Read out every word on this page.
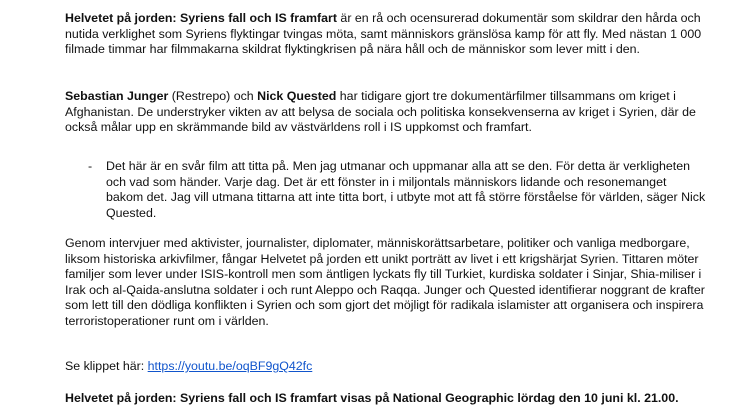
Helvetet på jorden: Syriens fall och IS framfart är en rå och ocensurerad dokumentär som skildrar den hårda och nutida verklighet som Syriens flyktingar tvingas möta, samt människors gränslösa kamp för att fly. Med nästan 1 000 filmade timmar har filmmakarna skildrat flyktingkrisen på nära håll och de människor som lever mitt i den.

Sebastian Junger (Restrepo) och Nick Quested har tidigare gjort tre dokumentärfilmer tillsammans om kriget i Afghanistan. De understryker vikten av att belysa de sociala och politiska konsekvenserna av kriget i Syrien, där de också målar upp en skrämmande bild av västvärldens roll i IS uppkomst och framfart.

- Det här är en svår film att titta på. Men jag utmanar och uppmanar alla att se den. För detta är verkligheten och vad som händer. Varje dag. Det är ett fönster in i miljontals människors lidande och resonemanget bakom det. Jag vill utmana tittarna att inte titta bort, i utbyte mot att få större förståelse för världen, säger Nick Quested.

Genom intervjuer med aktivister, journalister, diplomater, människorättsarbetare, politiker och vanliga medborgare, liksom historiska arkivfilmer, fångar Helvetet på jorden ett unikt porträtt av livet i ett krigshärjat Syrien. Tittaren möter familjer som lever under ISIS-kontroll men som äntligen lyckats fly till Turkiet, kurdiska soldater i Sinjar, Shia-miliser i Irak och al-Qaida-anslutna soldater i och runt Aleppo och Raqqa. Junger och Quested identifierar noggrant de krafter som lett till den dödliga konflikten i Syrien och som gjort det möjligt för radikala islamister att organisera och inspirera terroristoperationer runt om i världen.

Se klippet här: https://youtu.be/oqBF9gQ42fc

Helvetet på jorden: Syriens fall och IS framfart visas på National Geographic lördag den 10 juni kl. 21.00.
